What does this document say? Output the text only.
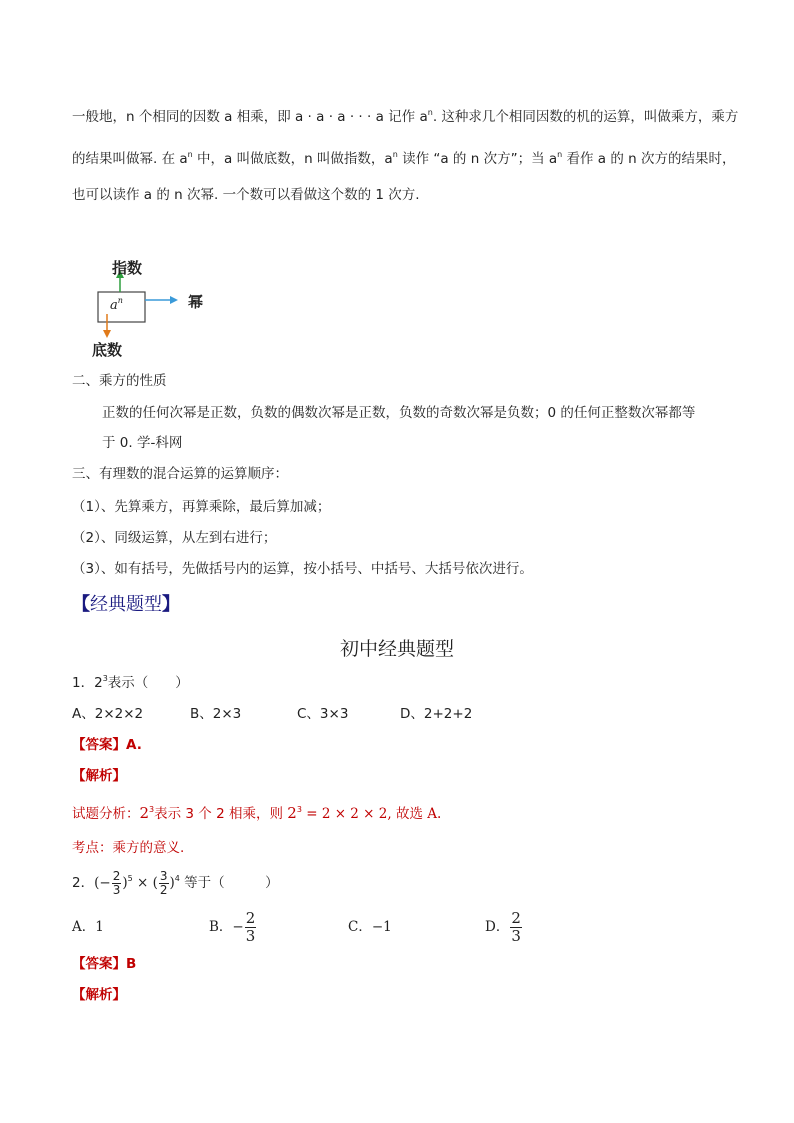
一般地，n 个相同的因数 a 相乘，即 a · a · a · · · a 记作 $a^n$. 这种求几个相同因数的机的运算，叫做乘方，乘方
的结果叫做幂. 在 $a^n$ 中，a 叫做底数，n 叫做指数，$a^n$ 读作 “a 的 n 次方”；当 $a^n$ 看作 a 的 n 次方的结果时，
也可以读作 a 的 n 次幂. 一个数可以看做这个数的 1 次方.
指数
幂
底数
$a^n$
二、乘方的性质
正数的任何次幂是正数，负数的偶数次幂是正数，负数的奇数次幂是负数；0 的任何正整数次幂都等
于 0. 学-科网
三、有理数的混合运算的运算顺序：
（1）、先算乘方，再算乘除，最后算加减；
（2）、同级运算，从左到右进行；
（3）、如有括号，先做括号内的运算，按小括号、中括号、大括号依次进行。
【经典题型】
初中经典题型
1．$2^3$表示（　　）
A、2×2×2	B、2×3	C、3×3	D、2+2+2
【答案】A.
【解析】
试题分析：$2^3$表示 3 个 2 相乘，则 $2^3 = 2 \times 2 \times 2$, 故选 A.
考点：乘方的意义.
2．(− $\frac{2}{3} )^5$ × ( $\frac{3}{2} )^4$ 等于（　　　）
A．1	B．− $\frac{2}{3}$	C．−1	D． $\frac{2}{3}$
【答案】B
【解析】
